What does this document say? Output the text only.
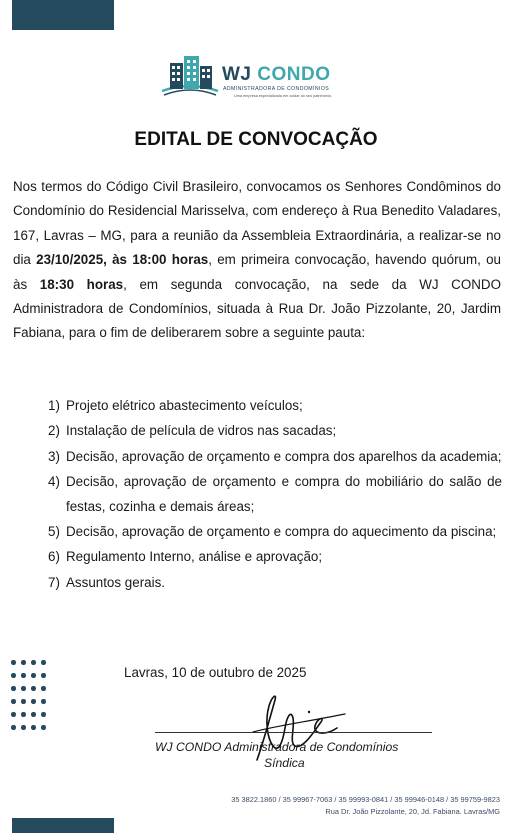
WJ CONDO
ADMINISTRADORA DE CONDOMÍNIOS
Uma empresa especializada em cuidar do seu patrimônio.
EDITAL DE CONVOCAÇÃO
Nos termos do Código Civil Brasileiro, convocamos os Senhores Condôminos do Condomínio do Residencial Marisselva, com endereço à Rua Benedito Valadares, 167, Lavras – MG, para a reunião da Assembleia Extraordinária, a realizar-se no dia 23/10/2025, às 18:00 horas, em primeira convocação, havendo quórum, ou às 18:30 horas, em segunda convocação, na sede da WJ CONDO Administradora de Condomínios, situada à Rua Dr. João Pizzolante, 20, Jardim Fabiana, para o fim de deliberarem sobre a seguinte pauta:
1) Projeto elétrico abastecimento veículos;
2) Instalação de película de vidros nas sacadas;
3) Decisão, aprovação de orçamento e compra dos aparelhos da academia;
4) Decisão, aprovação de orçamento e compra do mobiliário do salão de festas, cozinha e demais áreas;
5) Decisão, aprovação de orçamento e compra do aquecimento da piscina;
6) Regulamento Interno, análise e aprovação;
7) Assuntos gerais.
Lavras, 10 de outubro de 2025
WJ CONDO Administradora de Condomínios
Síndica
35 3822.1860 / 35 99967-7063 / 35 99993-0841 / 35 99946-0148 / 35 99759-9823
Rua Dr. João Pizzolante, 20, Jd. Fabiana. Lavras/MG
